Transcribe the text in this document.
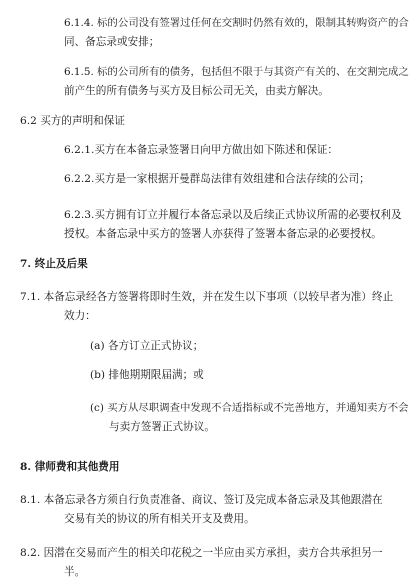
6.1.4. 标的公司没有签署过任何在交割时仍然有效的，限制其转购资产的合
同、备忘录或安排；
6.1.5. 标的公司所有的债务，包括但不限于与其资产有关的、在交割完成之
前产生的所有债务与买方及目标公司无关，由卖方解决。
6.2 买方的声明和保证
6.2.1.买方在本备忘录签署日向甲方做出如下陈述和保证：
6.2.2.买方是一家根据开曼群岛法律有效组建和合法存续的公司；
6.2.3.买方拥有订立并履行本备忘录以及后续正式协议所需的必要权利及
授权。本备忘录中买方的签署人亦获得了签署本备忘录的必要授权。
7. 终止及后果
7.1. 本备忘录经各方签署将即时生效，并在发生以下事项（以较早者为准）终止
效力：
(a) 各方订立正式协议；
(b) 排他期期限届满；或
(c) 买方从尽职调查中发现不合适指标或不完善地方，并通知卖方不会
与卖方签署正式协议。
8. 律师费和其他费用
8.1. 本备忘录各方须自行负责准备、商议、签订及完成本备忘录及其他跟潜在
交易有关的协议的所有相关开支及费用。
8.2. 因潜在交易而产生的相关印花税之一半应由买方承担，卖方合共承担另一
半。
